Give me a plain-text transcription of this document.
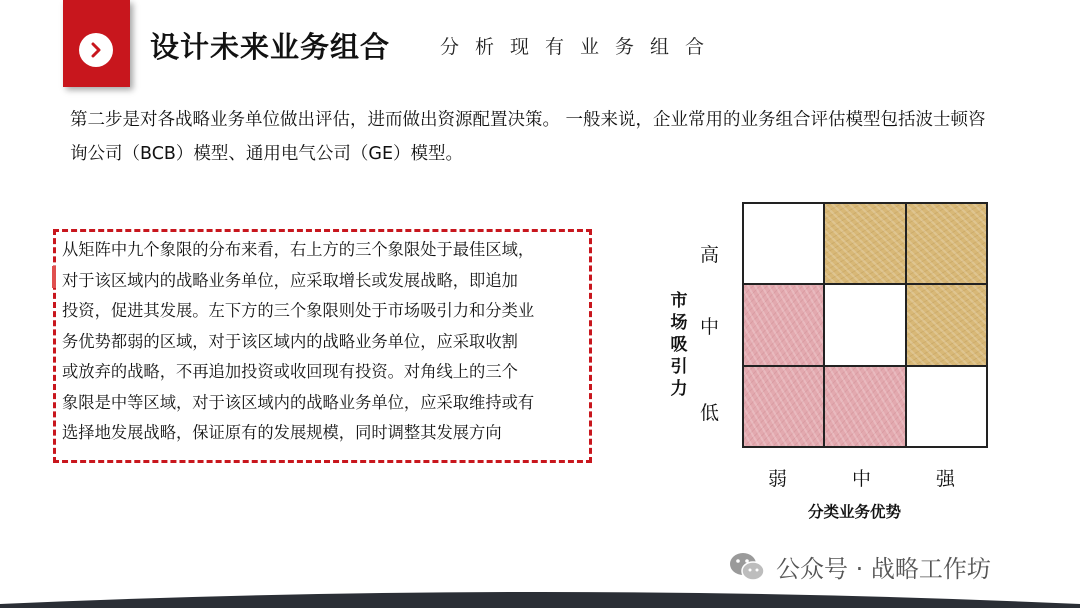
设计未来业务组合	分析现有业务组合
第二步是对各战略业务单位做出评估，进而做出资源配置决策。 一般来说，企业常用的业务组合评估模型包括波士顿咨
询公司（BCB）模型、通用电气公司（GE）模型。
从矩阵中九个象限的分布来看，右上方的三个象限处于最佳区域，
对于该区域内的战略业务单位，应采取增长或发展战略，即追加
投资，促进其发展。左下方的三个象限则处于市场吸引力和分类业
务优势都弱的区域，对于该区域内的战略业务单位，应采取收割
或放弃的战略，不再追加投资或收回现有投资。对角线上的三个
象限是中等区域，对于该区域内的战略业务单位，应采取维持或有
选择地发展战略，保证原有的发展规模，同时调整其发展方向
市场吸引力
高
中
低
弱	中	强
分类业务优势
公众号 · 战略工作坊
